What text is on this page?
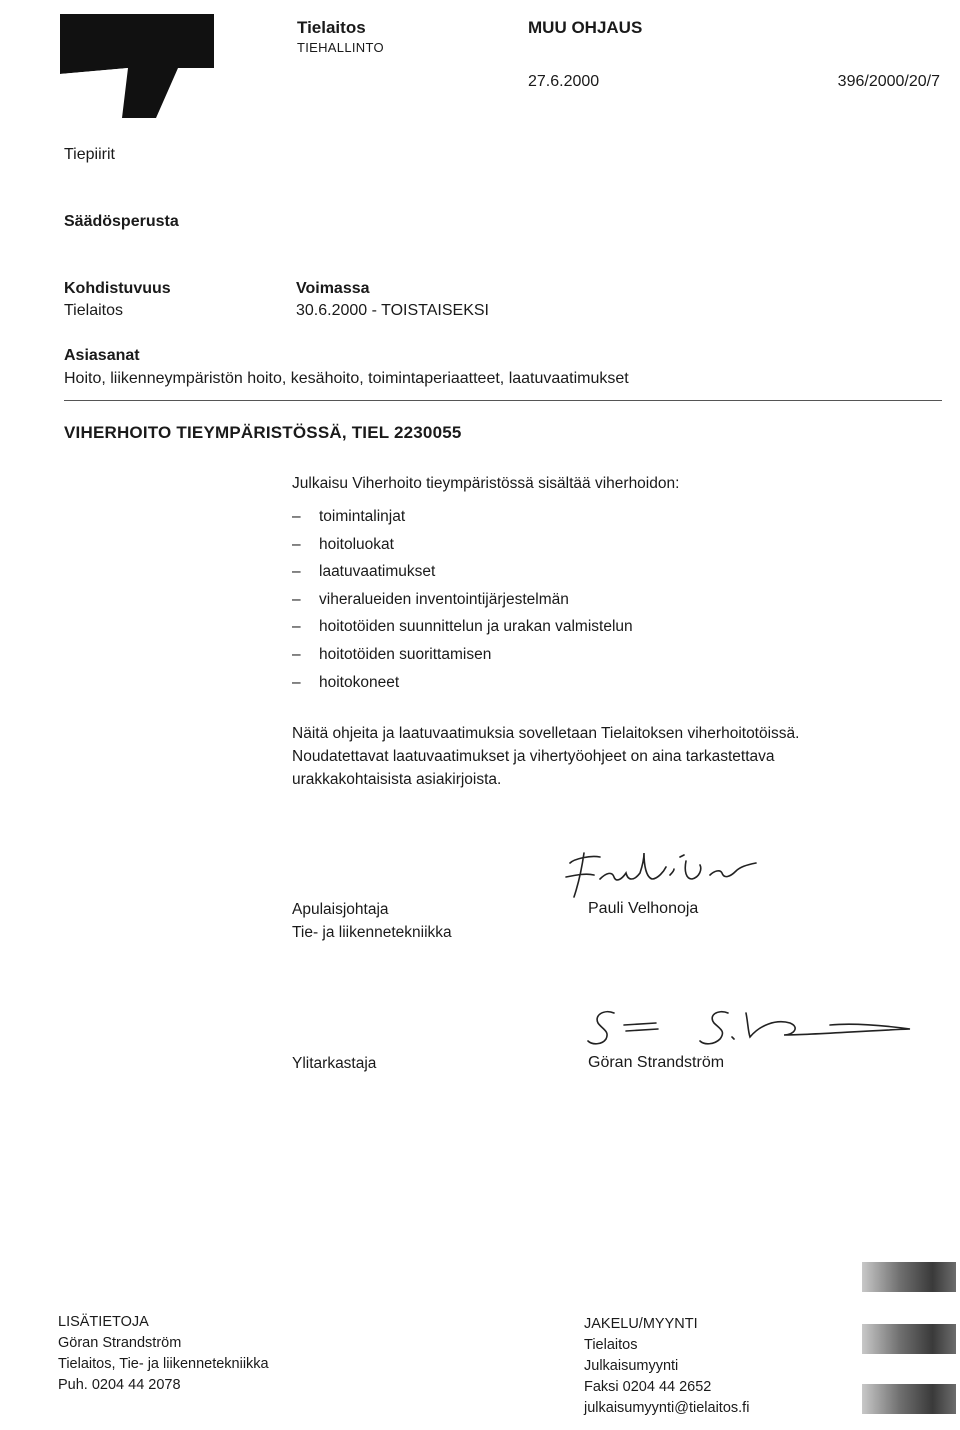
Tielaitos
TIEHALLINTO
MUU OHJAUS
27.6.2000	396/2000/20/7
Tiepiirit
Säädösperusta
Kohdistuvuus
Tielaitos
Voimassa
30.6.2000 - TOISTAISEKSI
Asiasanat
Hoito, liikenneympäristön hoito, kesähoito, toimintaperiaatteet, laatuvaatimukset
VIHERHOITO TIEYMPÄRISTÖSSÄ, TIEL 2230055
Julkaisu Viherhoito tieympäristössä sisältää viherhoidon:
– toimintalinjat
– hoitoluokat
– laatuvaatimukset
– viheralueiden inventointijärjestelmän
– hoitotöiden suunnittelun ja urakan valmistelun
– hoitotöiden suorittamisen
– hoitokoneet
Näitä ohjeita ja laatuvaatimuksia sovelletaan Tielaitoksen viherhoitotöissä.
Noudatettavat laatuvaatimukset ja vihertyöohjeet on aina tarkastettava
urakkakohtaisista asiakirjoista.
Apulaisjohtaja
Tie- ja liikennetekniikka
Pauli Velhonoja
Ylitarkastaja	Göran Strandström
LISÄTIETOJA
Göran Strandström
Tielaitos, Tie- ja liikennetekniikka
Puh. 0204 44 2078
JAKELU/MYYNTI
Tielaitos
Julkaisumyynti
Faksi 0204 44 2652
julkaisumyynti@tielaitos.fi
